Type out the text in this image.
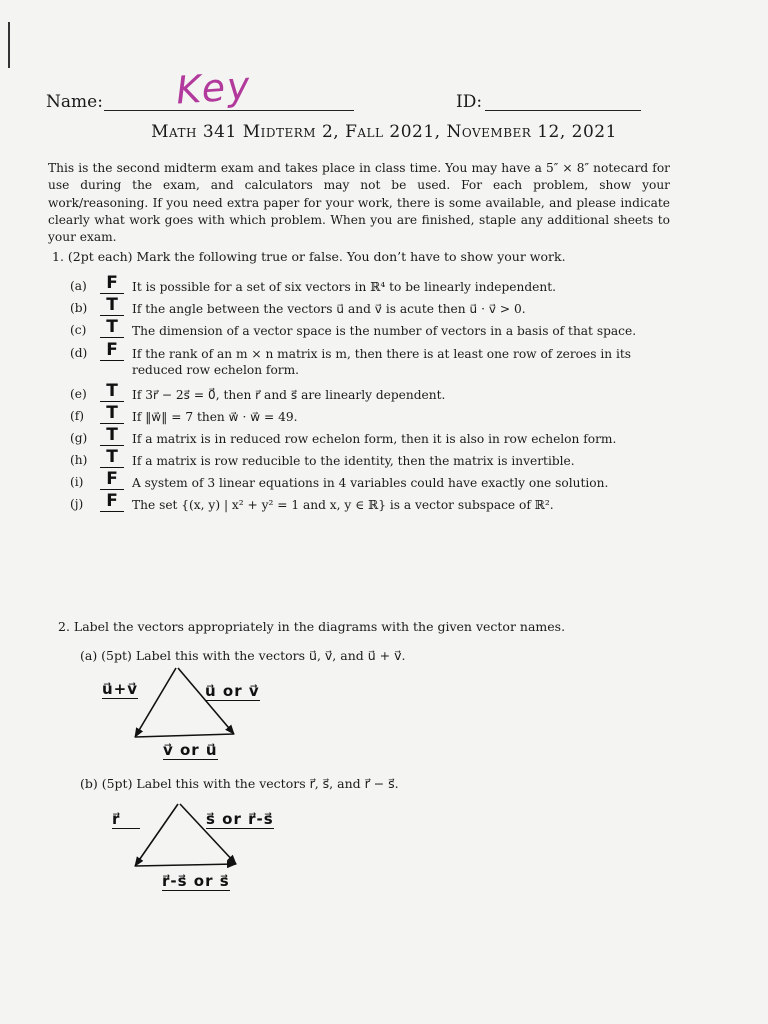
Name: Key	ID:
Math 341 Midterm 2, Fall 2021, November 12, 2021
This is the second midterm exam and takes place in class time. You may have a 5″ × 8″ notecard for use during the exam, and calculators may not be used. For each problem, show your work/reasoning. If you need extra paper for your work, there is some available, and please indicate clearly what work goes with which problem. When you are finished, staple any additional sheets to your exam.
1. (2pt each) Mark the following true or false. You don’t have to show your work.
(a)	F	It is possible for a set of six vectors in ℝ⁴ to be linearly independent.
(b)	T	If the angle between the vectors u⃗ and v⃗ is acute then u⃗ · v⃗ > 0.
(c)	T	The dimension of a vector space is the number of vectors in a basis of that space.
(d)	F	If the rank of an m × n matrix is m, then there is at least one row of zeroes in its reduced row echelon form.
(e)	T	If 3r⃗ − 2s⃗ = 0⃗, then r⃗ and s⃗ are linearly dependent.
(f)	T	If ‖w⃗‖ = 7 then w⃗ · w⃗ = 49.
(g)	T	If a matrix is in reduced row echelon form, then it is also in row echelon form.
(h)	T	If a matrix is row reducible to the identity, then the matrix is invertible.
(i)	F	A system of 3 linear equations in 4 variables could have exactly one solution.
(j)	F	The set {(x, y) | x² + y² = 1 and x, y ∈ ℝ} is a vector subspace of ℝ².
2. Label the vectors appropriately in the diagrams with the given vector names.
(a) (5pt) Label this with the vectors u⃗, v⃗, and u⃗ + v⃗.
u⃗+v⃗	u⃗ or v⃗
v⃗ or u⃗
(b) (5pt) Label this with the vectors r⃗, s⃗, and r⃗ − s⃗.
r⃗	s⃗ or r⃗-s⃗
r⃗-s⃗ or s⃗
